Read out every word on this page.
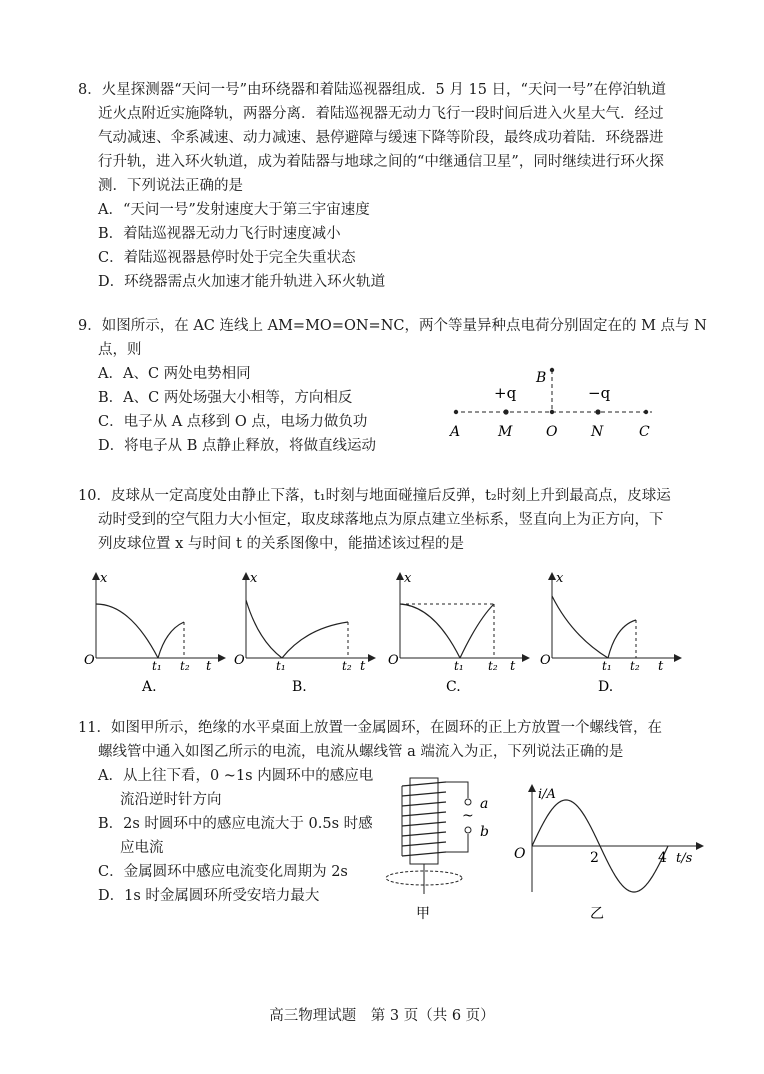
8．火星探测器“天问一号”由环绕器和着陆巡视器组成．5 月 15 日，“天问一号”在停泊轨道
近火点附近实施降轨，两器分离．着陆巡视器无动力飞行一段时间后进入火星大气．经过
气动减速、伞系减速、动力减速、悬停避障与缓速下降等阶段，最终成功着陆．环绕器进
行升轨，进入环火轨道，成为着陆器与地球之间的“中继通信卫星”，同时继续进行环火探
测．下列说法正确的是
A．“天问一号”发射速度大于第三宇宙速度
B．着陆巡视器无动力飞行时速度减小
C．着陆巡视器悬停时处于完全失重状态
D．环绕器需点火加速才能升轨进入环火轨道
9．如图所示，在 AC 连线上 AM=MO=ON=NC，两个等量异种点电荷分别固定在的 M 点与 N
点，则
A．A、C 两处电势相同
B．A、C 两处场强大小相等，方向相反
C．电子从 A 点移到 O 点，电场力做负功
D．将电子从 B 点静止释放，将做直线运动
B
+q	−q
A	M O N	C
10．皮球从一定高度处由静止下落，t₁时刻与地面碰撞后反弹，t₂时刻上升到最高点，皮球运
动时受到的空气阻力大小恒定，取皮球落地点为原点建立坐标系，竖直向上为正方向，下
列皮球位置 x 与时间 t 的关系图像中，能描述该过程的是
x
O	t₁ t₂ t
A.
x
O	t₁	t₂ t
B.
x
O	t₁ t₂ t
C.
x
O	t₁ t₂ t
D.
11．如图甲所示，绝缘的水平桌面上放置一金属圆环，在圆环的正上方放置一个螺线管，在
螺线管中通入如图乙所示的电流，电流从螺线管 a 端流入为正，下列说法正确的是
A．从上往下看，0 ~1s 内圆环中的感应电
流沿逆时针方向
B．2s 时圆环中的感应电流大于 0.5s 时感
应电流
C．金属圆环中感应电流变化周期为 2s
D．1s 时金属圆环所受安培力最大
a
~
b
甲
i/A
O	2	4 t/s
乙
高三物理试题　第 3 页（共 6 页）
